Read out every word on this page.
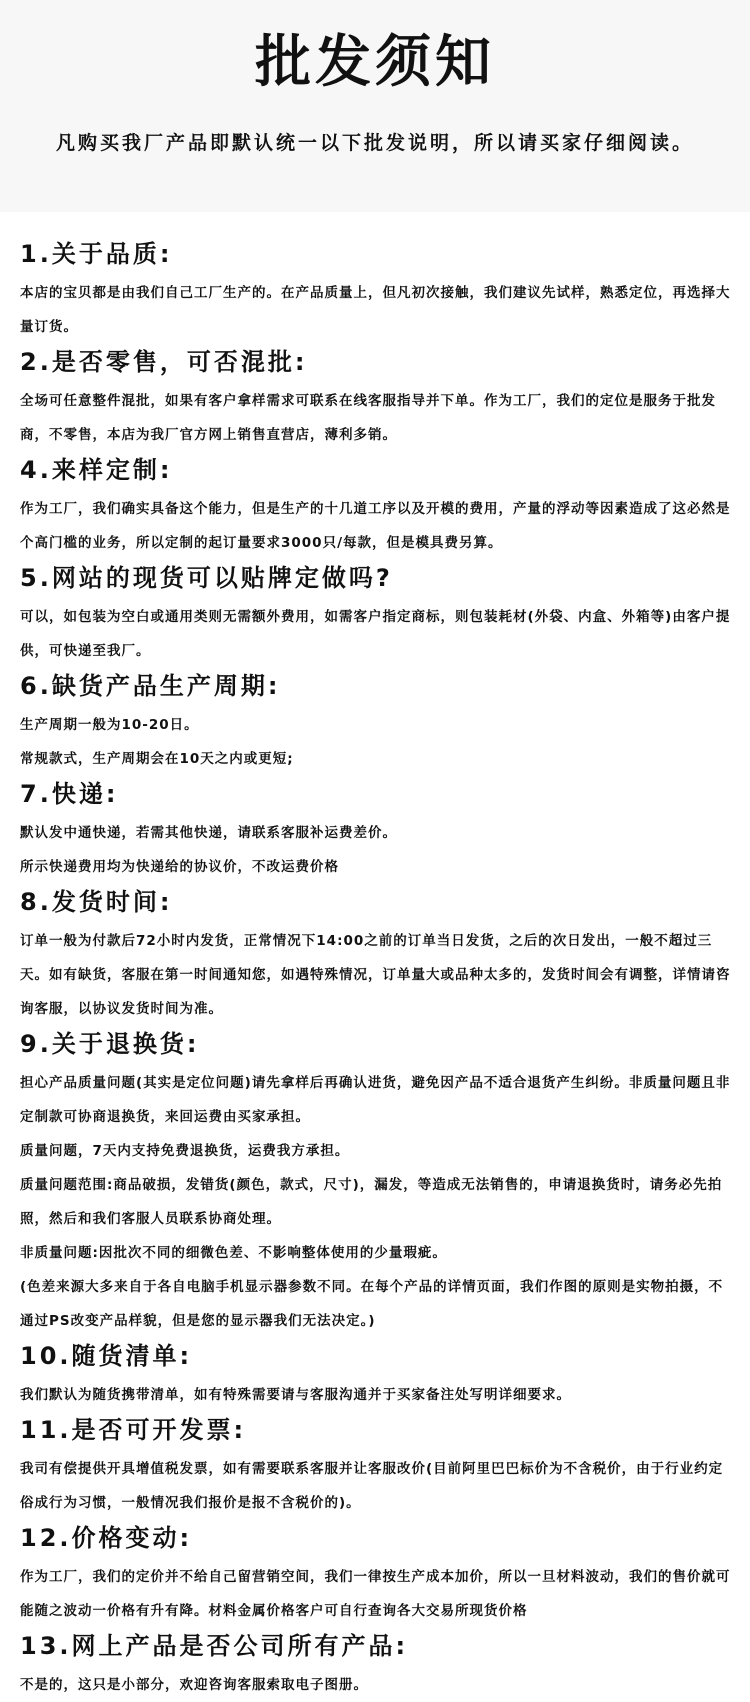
批发须知
凡购买我厂产品即默认统一以下批发说明，所以请买家仔细阅读。
1.关于品质:

本店的宝贝都是由我们自己工厂生产的。在产品质量上，但凡初次接触，我们建议先试样，熟悉定位，再选择大量订货。

2.是否零售，可否混批:

全场可任意整件混批，如果有客户拿样需求可联系在线客服指导并下单。作为工厂，我们的定位是服务于批发商，不零售，本店为我厂官方网上销售直营店，薄利多销。

4.来样定制:

作为工厂，我们确实具备这个能力，但是生产的十几道工序以及开模的费用，产量的浮动等因素造成了这必然是个高门槛的业务，所以定制的起订量要求3000只/每款，但是模具费另算。

5.网站的现货可以贴牌定做吗?

可以，如包装为空白或通用类则无需额外费用，如需客户指定商标，则包装耗材(外袋、内盒、外箱等)由客户提供，可快递至我厂。

6.缺货产品生产周期:

生产周期一般为10-20日。

常规款式，生产周期会在10天之内或更短;

7.快递:

默认发中通快递，若需其他快递，请联系客服补运费差价。

所示快递费用均为快递给的协议价，不改运费价格

8.发货时间:

订单一般为付款后72小时内发货，正常情况下14:00之前的订单当日发货，之后的次日发出，一般不超过三天。如有缺货，客服在第一时间通知您，如遇特殊情况，订单量大或品种太多的，发货时间会有调整，详情请咨询客服，以协议发货时间为准。

9.关于退换货:

担心产品质量问题(其实是定位问题)请先拿样后再确认进货，避免因产品不适合退货产生纠纷。非质量问题且非定制款可协商退换货，来回运费由买家承担。

质量问题，7天内支持免费退换货，运费我方承担。

质量问题范围:商品破损，发错货(颜色，款式，尺寸)，漏发，等造成无法销售的，申请退换货时，请务必先拍照，然后和我们客服人员联系协商处理。

非质量问题:因批次不同的细微色差、不影响整体使用的少量瑕疵。

(色差来源大多来自于各自电脑手机显示器参数不同。在每个产品的详情页面，我们作图的原则是实物拍摄，不通过PS改变产品样貌，但是您的显示器我们无法决定。)

10.随货清单:

我们默认为随货携带清单，如有特殊需要请与客服沟通并于买家备注处写明详细要求。

11.是否可开发票:

我司有偿提供开具增值税发票，如有需要联系客服并让客服改价(目前阿里巴巴标价为不含税价，由于行业约定俗成行为习惯，一般情况我们报价是报不含税价的)。

12.价格变动:

作为工厂，我们的定价并不给自己留营销空间，我们一律按生产成本加价，所以一旦材料波动，我们的售价就可能随之波动一价格有升有降。材料金属价格客户可自行查询各大交易所现货价格

13.网上产品是否公司所有产品:

不是的，这只是小部分，欢迎咨询客服索取电子图册。
